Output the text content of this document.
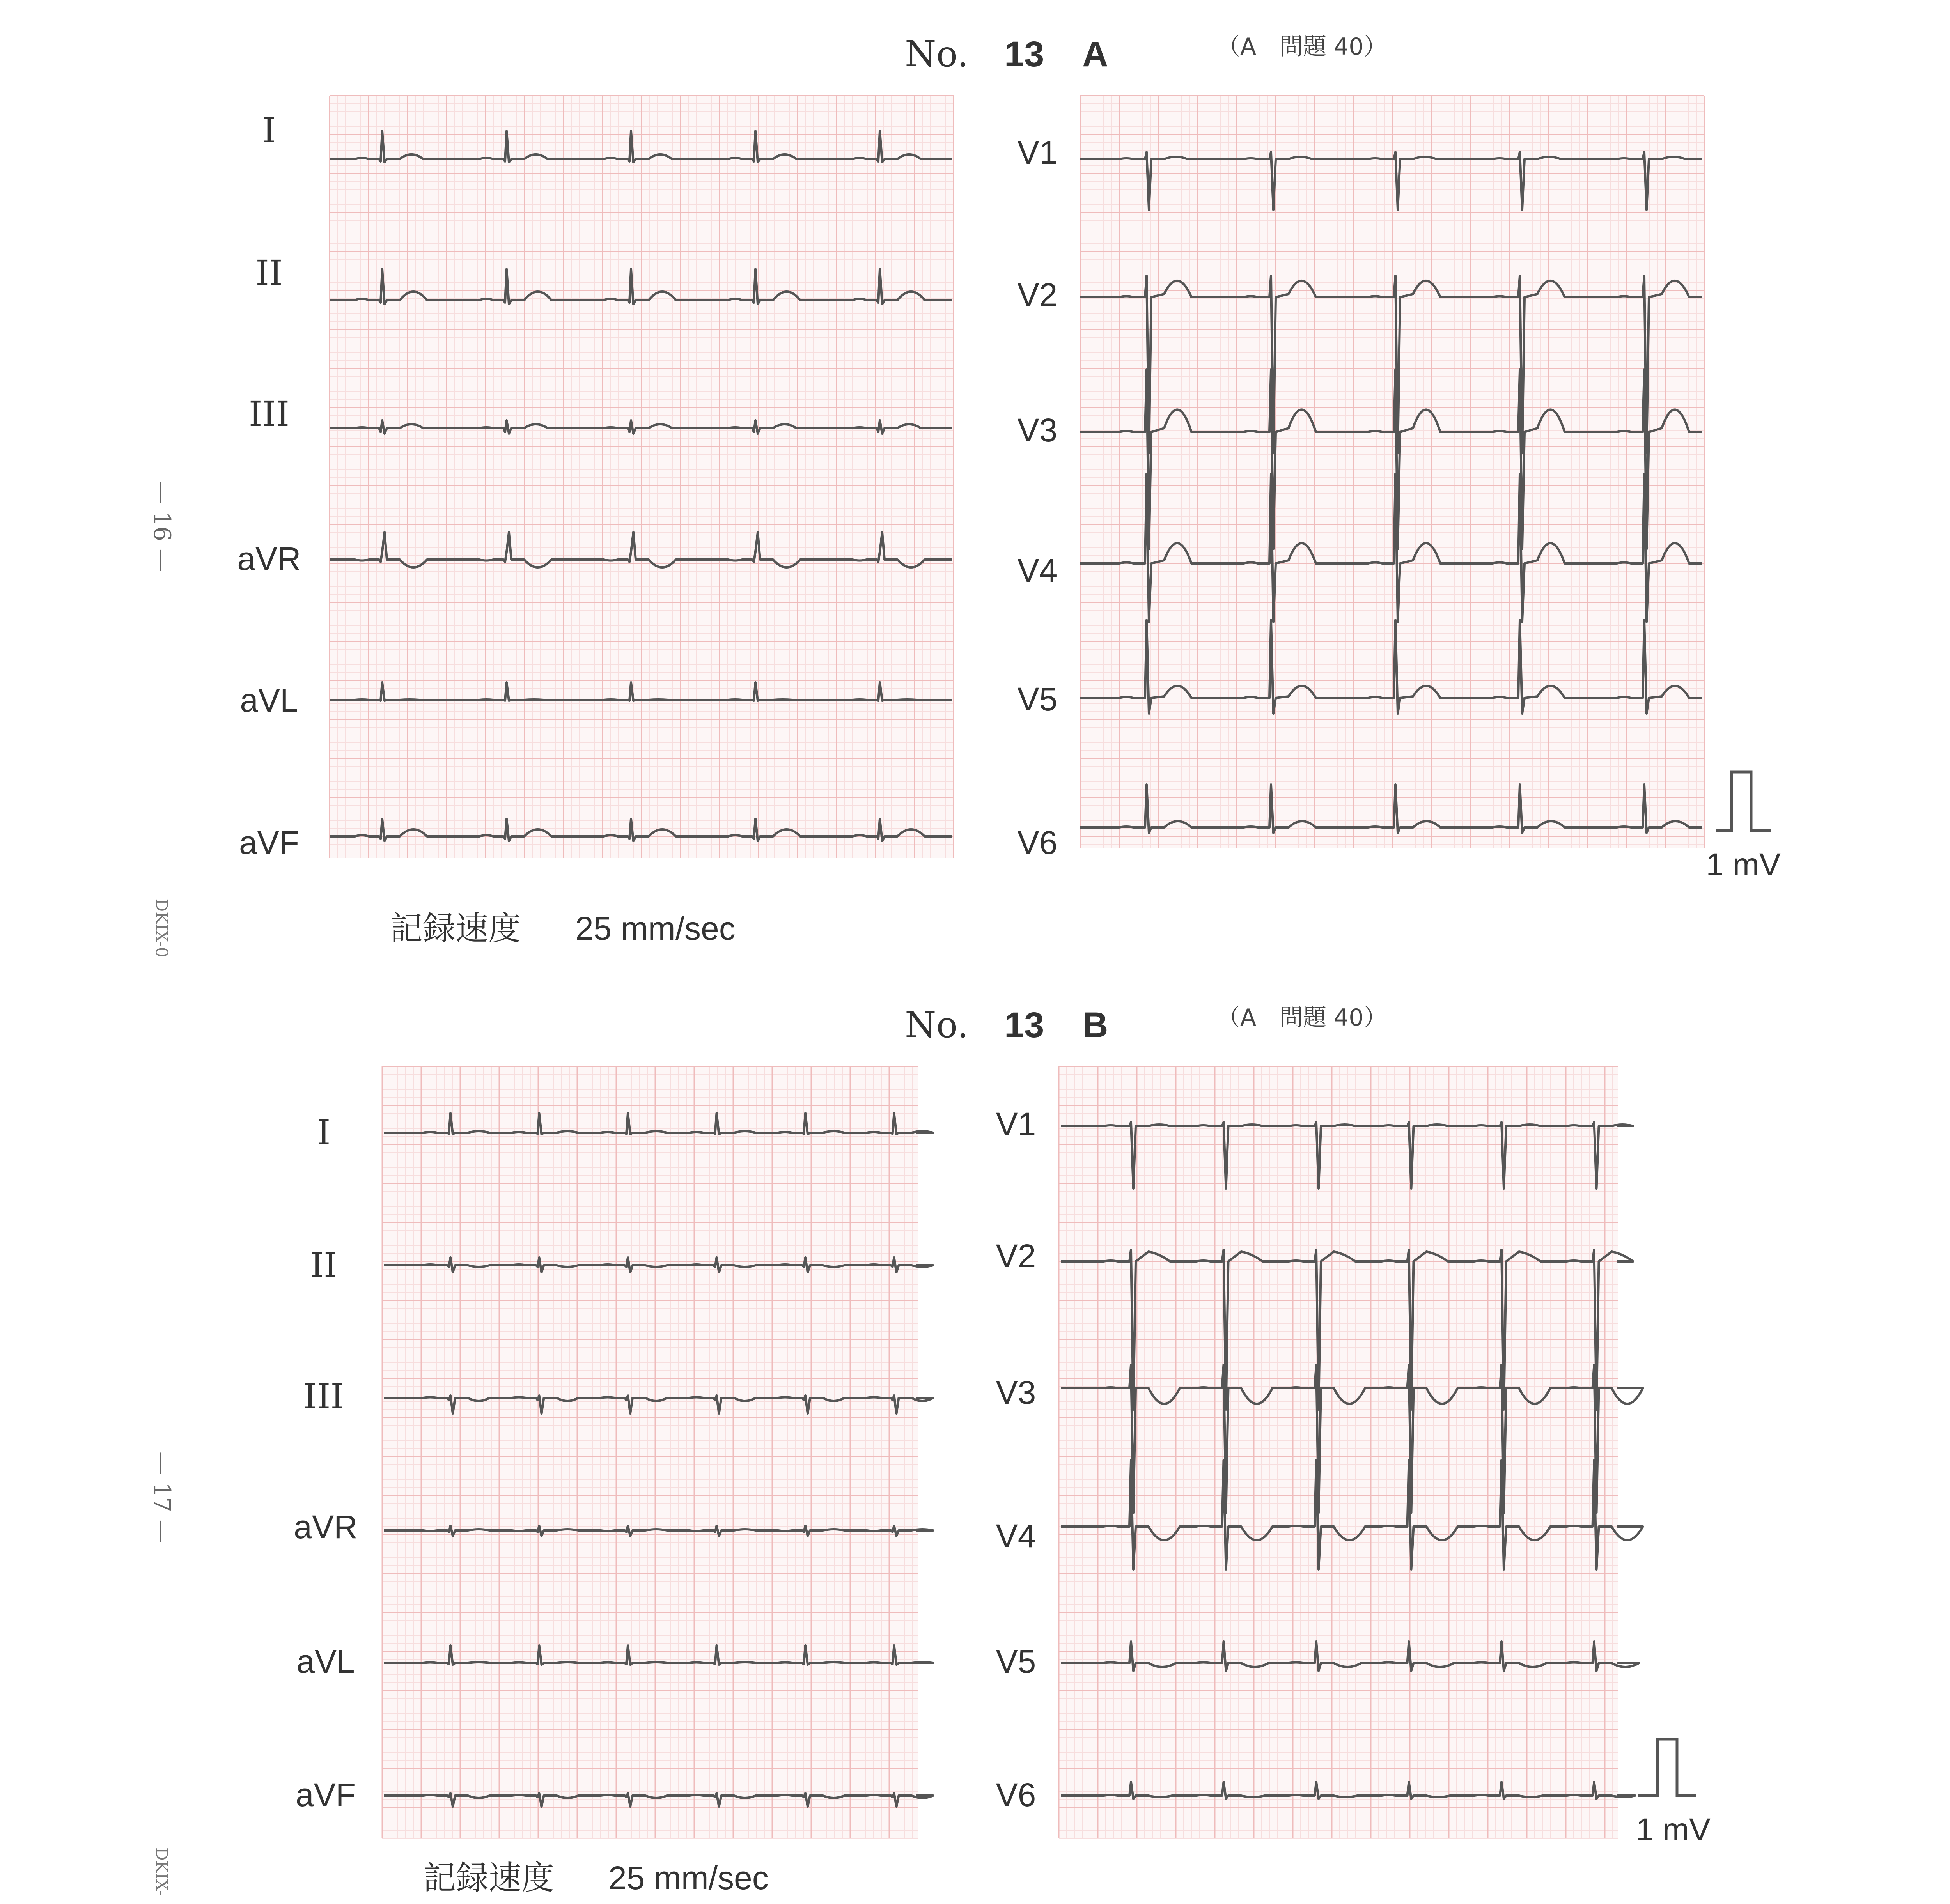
— 16 —
DKIX-0
— 17 —
DKIX-
No. 13 A	（A　問題 40）
I
II
III
aVR
aVL
aVF
V1
V2
V3
V4
V5
V6
1 mV
記録速度 25 mm/sec
No. 13 B	（A　問題 40）
I
II
III
aVR
aVL
aVF
V1
V2
V3
V4
V5
V6
1 mV
記録速度 25 mm/sec
